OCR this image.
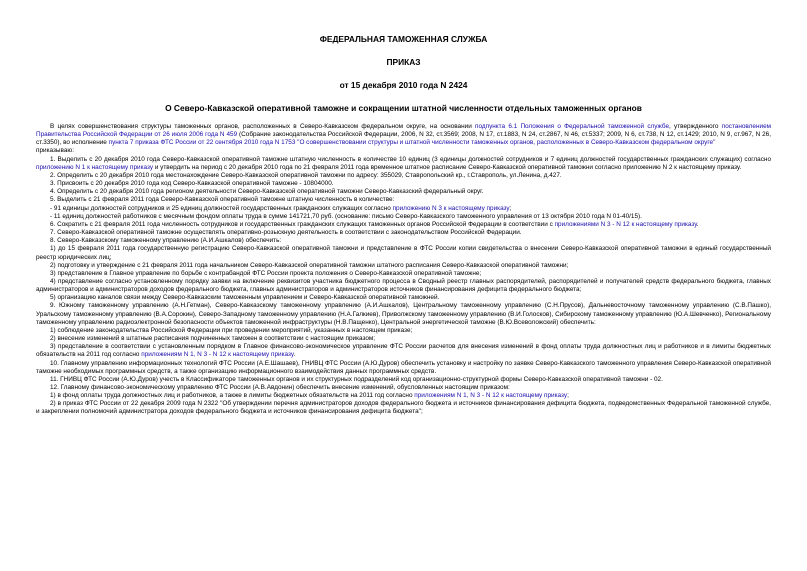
ФЕДЕРАЛЬНАЯ ТАМОЖЕННАЯ СЛУЖБА
ПРИКАЗ
от 15 декабря 2010 года N 2424
О Северо-Кавказской оперативной таможне и сокращении штатной численности отдельных таможенных органов

В целях совершенствования структуры таможенных органов, расположенных в Северо-Кавказском федеральном округе, на основании подпункта 6.1 Положения о Федеральной таможенной службе, утвержденного постановлением Правительства Российской Федерации от 26 июля 2006 года N 459 (Собрание законодательства Российской Федерации, 2006, N 32, ст.3569; 2008, N 17, ст.1883, N 24, ст.2867, N 46, ст.5337; 2009, N 6, ст.738, N 12, ст.1429; 2010, N 9, ст.967, N 26, ст.3350), во исполнение пункта 7 приказа ФТС России от 22 сентября 2010 года N 1753 "О совершенствовании структуры и штатной численности таможенных органов, расположенных в Северо-Кавказском федеральном округе"

приказываю:

1. Выделить с 20 декабря 2010 года Северо-Кавказской оперативной таможне штатную численность в количестве 10 единиц (3 единицы должностей сотрудников и 7 единиц должностей государственных гражданских служащих) согласно приложению N 1 к настоящему приказу и утвердить на период с 20 декабря 2010 года по 21 февраля 2011 года временное штатное расписание Северо-Кавказской оперативной таможни согласно приложению N 2 к настоящему приказу.

2. Определить с 20 декабря 2010 года местонахождение Северо-Кавказской оперативной таможни по адресу: 355029, Ставропольский кр., г.Ставрополь, ул.Ленина, д.427.

3. Присвоить с 20 декабря 2010 года код Северо-Кавказской оперативной таможне - 10804000.

4. Определить с 20 декабря 2010 года регионом деятельности Северо-Кавказской оперативной таможни Северо-Кавказский федеральный округ.

5. Выделить с 21 февраля 2011 года Северо-Кавказской оперативной таможне штатную численность в количестве:

- 91 единицы должностей сотрудников и 25 единиц должностей государственных гражданских служащих согласно приложению N 3 к настоящему приказу;

- 11 единиц должностей работников с месячным фондом оплаты труда в сумме 141721,70 руб. (основание: письмо Северо-Кавказского таможенного управления от 13 октября 2010 года N 01-40/15).

6. Сократить с 21 февраля 2011 года численность сотрудников и государственных гражданских служащих таможенных органов Российской Федерации в соответствии с приложениями N 3 - N 12 к настоящему приказу.

7. Северо-Кавказской оперативной таможне осуществлять оперативно-розыскную деятельность в соответствии с законодательством Российской Федерации.

8. Северо-Кавказскому таможенному управлению (А.И.Ашкалов) обеспечить:

1) до 15 февраля 2011 года государственную регистрацию Северо-Кавказской оперативной таможни и представление в ФТС России копии свидетельства о внесении Северо-Кавказской оперативной таможни в единый государственный реестр юридических лиц;

2) подготовку и утверждение с 21 февраля 2011 года начальником Северо-Кавказской оперативной таможни штатного расписания Северо-Кавказской оперативной таможни;

3) представление в Главное управление по борьбе с контрабандой ФТС России проекта положения о Северо-Кавказской оперативной таможне;

4) представление согласно установленному порядку заявки на включение реквизитов участника бюджетного процесса в Сводный реестр главных распорядителей, распорядителей и получателей средств федерального бюджета, главных администраторов и администраторов доходов федерального бюджета, главных администраторов и администраторов источников финансирования дефицита федерального бюджета;

5) организацию каналов связи между Северо-Кавказским таможенным управлением и Северо-Кавказской оперативной таможней.

9. Южному таможенному управлению (А.Н.Гетман), Северо-Кавказскому таможенному управлению (А.И.Ашкалов), Центральному таможенному управлению (С.Н.Прусов), Дальневосточному таможенному управлению (С.В.Пашко), Уральскому таможенному управлению (В.А.Сорокин), Северо-Западному таможенному управлению (Н.А.Галкиев), Приволжскому таможенному управлению (В.И.Голосков), Сибирскому таможенному управлению (Ю.А.Шевченко), Региональному таможенному управлению радиоэлектронной безопасности объектов таможенной инфраструктуры (Н.В.Пащенко), Центральной энергетической таможне (В.Ю.Всеволожский) обеспечить:

1) соблюдение законодательства Российской Федерации при проведении мероприятий, указанных в настоящем приказе;

2) внесение изменений в штатные расписания подчиненных таможен в соответствии с настоящим приказом;

3) представление в соответствии с установленным порядком в Главное финансово-экономическое управление ФТС России расчетов для внесения изменений в фонд оплаты труда должностных лиц и работников и в лимиты бюджетных обязательств на 2011 год согласно приложениям N 1, N 3 - N 12 к настоящему приказу.

10. Главному управлению информационных технологий ФТС России (А.Е.Шашаев), ГНИВЦ ФТС России (А.Ю.Дуров) обеспечить установку и настройку по заявке Северо-Кавказского таможенного управления Северо-Кавказской оперативной таможне необходимых программных средств, а также организацию информационного взаимодействия данных программных средств.

11. ГНИВЦ ФТС России (А.Ю.Дуров) учесть в Классификаторе таможенных органов и их структурных подразделений код организационно-структурной формы Северо-Кавказской оперативной таможни - 02.

12. Главному финансово-экономическому управлению ФТС России (А.В.Авдонин) обеспечить внесение изменений, обусловленных настоящим приказом:

1) в фонд оплаты труда должностных лиц и работников, а также в лимиты бюджетных обязательств на 2011 год согласно приложениям N 1, N 3 - N 12 к настоящему приказу;

2) в приказ ФТС России от 22 декабря 2009 года N 2322 "Об утверждении перечня администраторов доходов федерального бюджета и источников финансирования дефицита бюджета, подведомственных Федеральной таможенной службе, и закреплении полномочий администратора доходов федерального бюджета и источников финансирования дефицита бюджета";
